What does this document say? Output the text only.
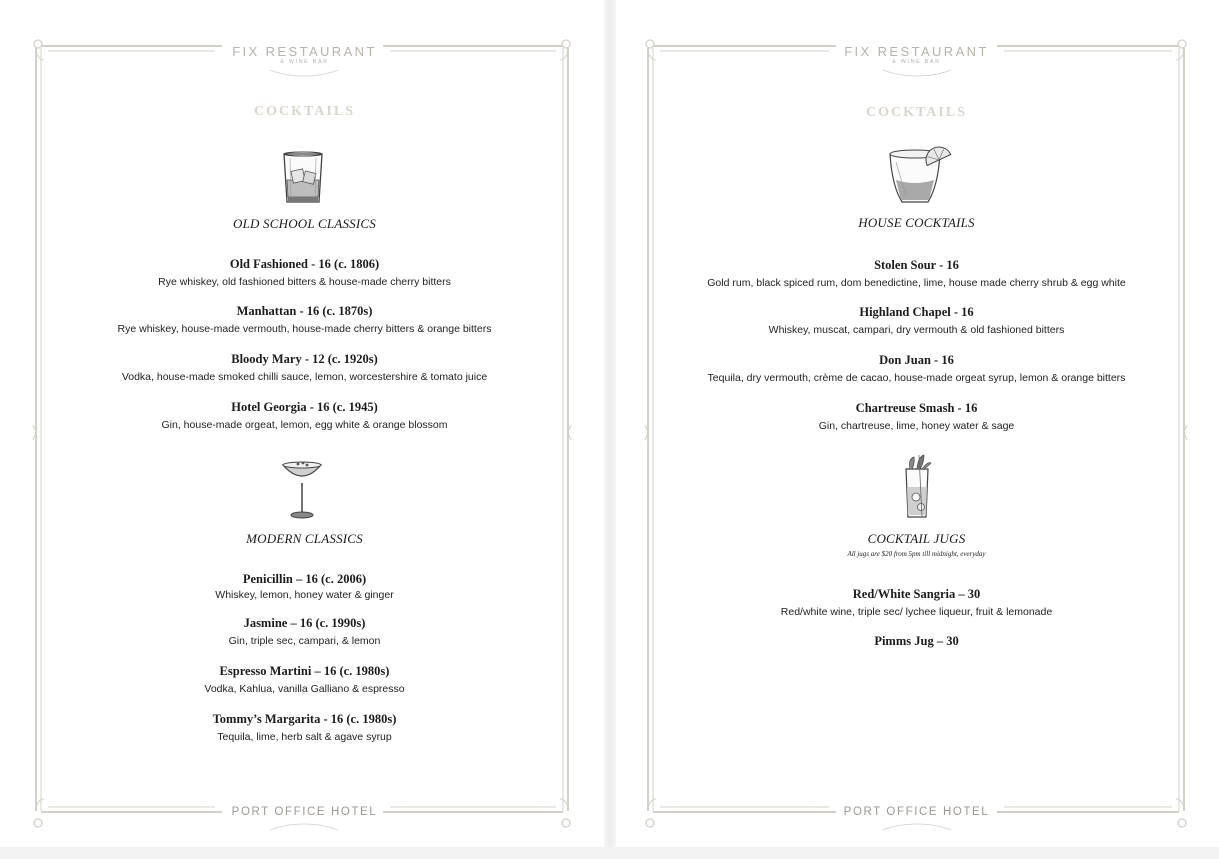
FIX RESTAURANT
& WINE BAR
COCKTAILS
OLD SCHOOL CLASSICS
Old Fashioned - 16 (c. 1806)
Rye whiskey, old fashioned bitters & house-made cherry bitters
Manhattan - 16 (c. 1870s)
Rye whiskey, house-made vermouth, house-made cherry bitters & orange bitters
Bloody Mary - 12 (c. 1920s)
Vodka, house-made smoked chilli sauce, lemon, worcestershire & tomato juice
Hotel Georgia - 16 (c. 1945)
Gin, house-made orgeat, lemon, egg white & orange blossom
MODERN CLASSICS
Penicillin – 16 (c. 2006)
Whiskey, lemon, honey water & ginger
Jasmine – 16 (c. 1990s)
Gin, triple sec, campari, & lemon
Espresso Martini – 16 (c. 1980s)
Vodka, Kahlua, vanilla Galliano & espresso
Tommy’s Margarita - 16 (c. 1980s)
Tequila, lime, herb salt & agave syrup
PORT OFFICE HOTEL
FIX RESTAURANT
& WINE BAR
COCKTAILS
HOUSE COCKTAILS
Stolen Sour - 16
Gold rum, black spiced rum, dom benedictine, lime, house made cherry shrub & egg white
Highland Chapel - 16
Whiskey, muscat, campari, dry vermouth & old fashioned bitters
Don Juan - 16
Tequila, dry vermouth, crème de cacao, house-made orgeat syrup, lemon & orange bitters
Chartreuse Smash - 16
Gin, chartreuse, lime, honey water & sage
COCKTAIL JUGS
All jugs are $20 from 5pm till midnight, everyday
Red/White Sangria – 30
Red/white wine, triple sec/ lychee liqueur, fruit & lemonade
Pimms Jug – 30
PORT OFFICE HOTEL
